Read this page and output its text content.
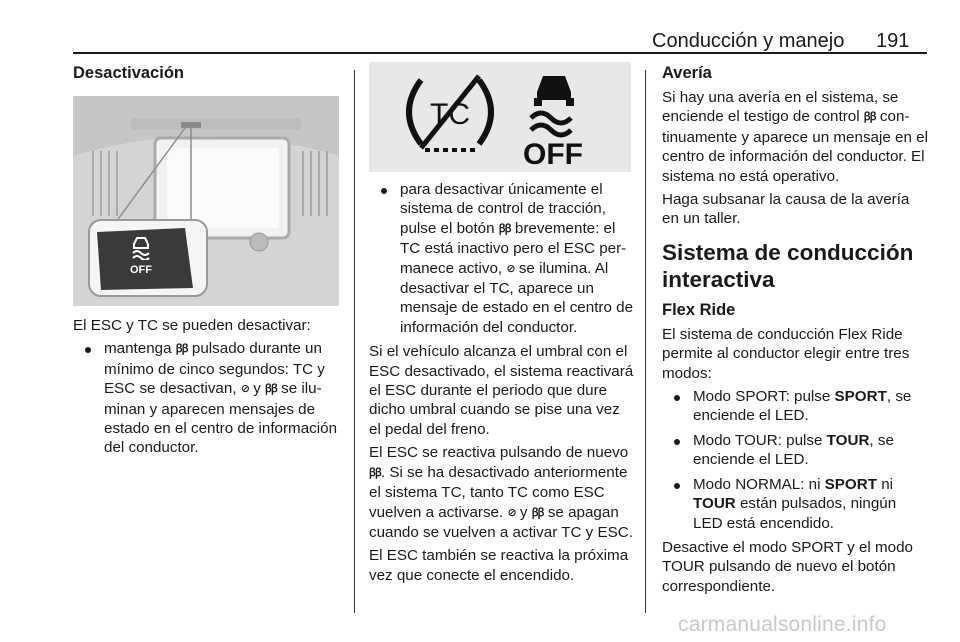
Conducción y manejo 191
Desactivación
OFF

El ESC y TC se pueden desactivar:

mantenga ꞵꞵ pulsado durante un mínimo de cinco segundos: TC y ESC se desactivan, ⊘ y ꞵꞵ se iluminan y aparecen mensajes de estado en el centro de información del conductor.
TC
OFF
para desactivar únicamente el sistema de control de tracción, pulse el botón ꞵꞵ brevemente: el TC está inactivo pero el ESC permanece activo, ⊘ se ilumina. Al desactivar el TC, aparece un mensaje de estado en el centro de información del conductor.

Si el vehículo alcanza el umbral con el ESC desactivado, el sistema reactivará el ESC durante el periodo que dure dicho umbral cuando se pise una vez el pedal del freno.

El ESC se reactiva pulsando de nuevo ꞵꞵ. Si se ha desactivado anteriormente el sistema TC, tanto TC como ESC vuelven a activarse. ⊘ y ꞵꞵ se apagan cuando se vuelven a activar TC y ESC.

El ESC también se reactiva la próxima vez que conecte el encendido.

Avería

Si hay una avería en el sistema, se enciende el testigo de control ꞵꞵ continuamente y aparece un mensaje en el centro de información del conductor. El sistema no está operativo.

Haga subsanar la causa de la avería en un taller.

Sistema de conducción interactiva
Flex Ride

El sistema de conducción Flex Ride permite al conductor elegir entre tres modos:

Modo SPORT: pulse SPORT, se enciende el LED.
Modo TOUR: pulse TOUR, se enciende el LED.
Modo NORMAL: ni SPORT ni TOUR están pulsados, ningún LED está encendido.

Desactive el modo SPORT y el modo TOUR pulsando de nuevo el botón correspondiente.

carmanualsonline.info
